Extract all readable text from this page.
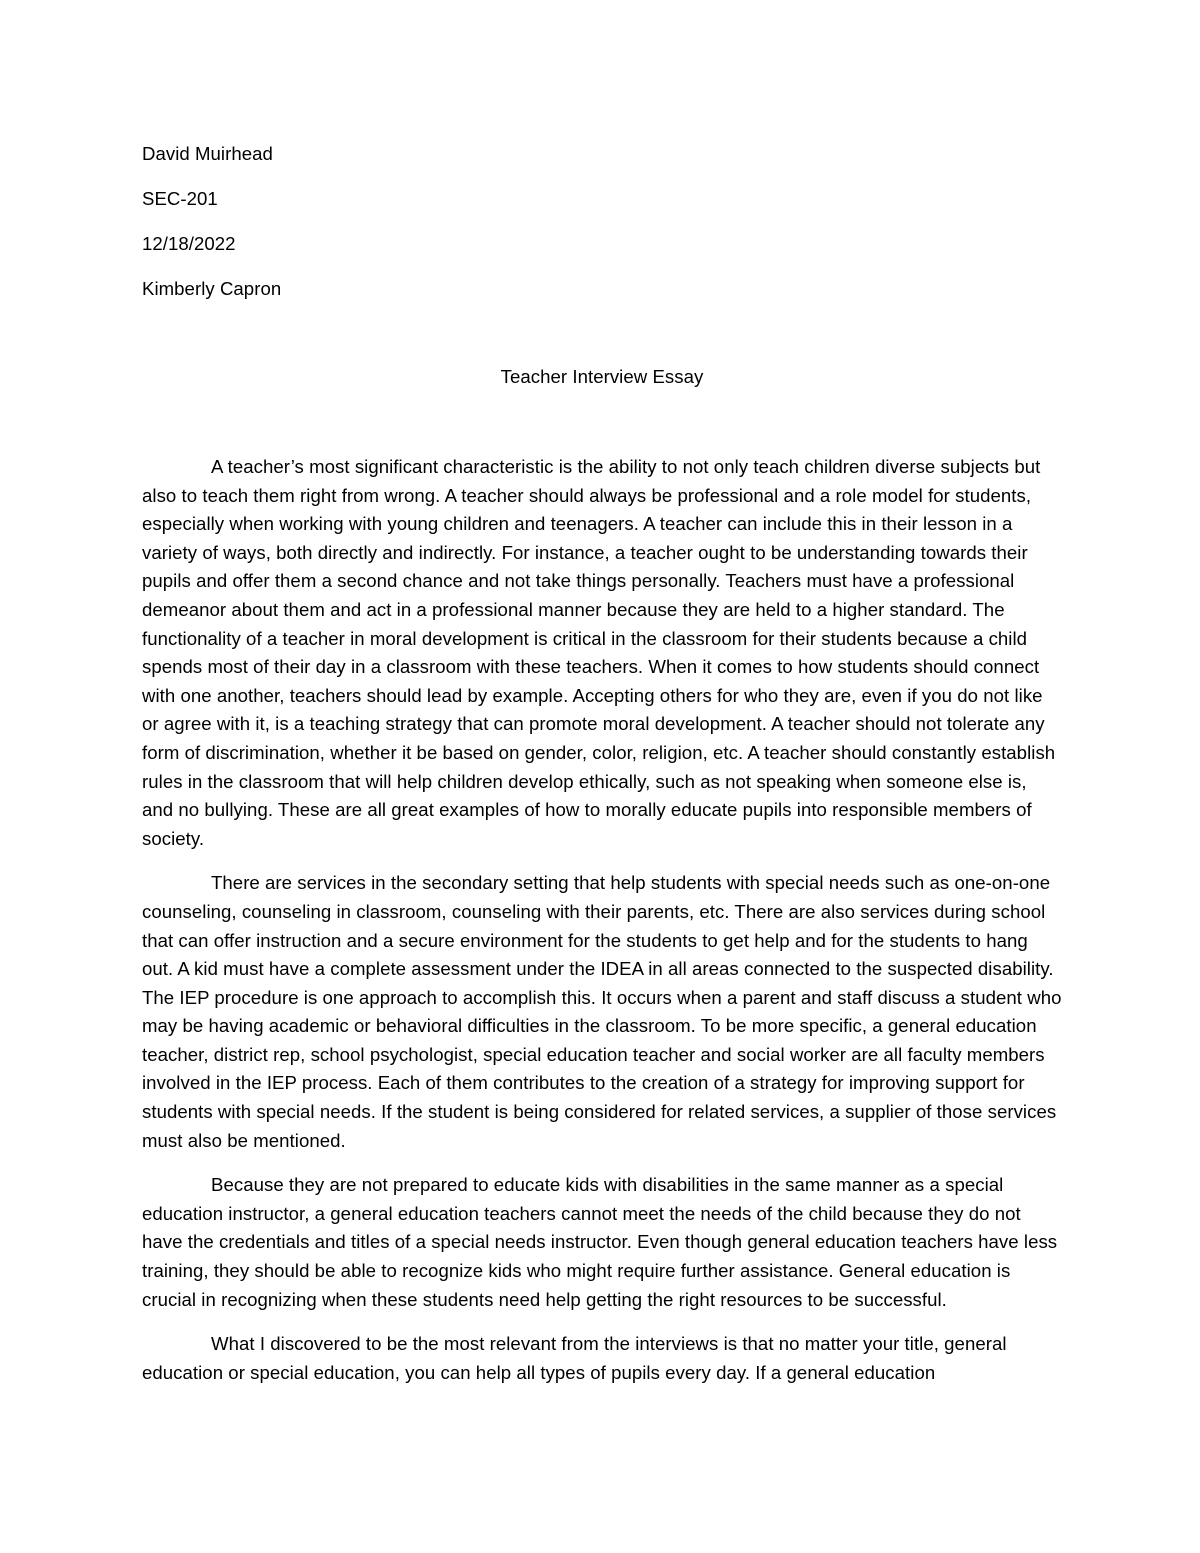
David Muirhead
SEC-201
12/18/2022
Kimberly Capron
Teacher Interview Essay

A teacher’s most significant characteristic is the ability to not only teach children diverse subjects but also to teach them right from wrong. A teacher should always be professional and a role model for students, especially when working with young children and teenagers. A teacher can include this in their lesson in a variety of ways, both directly and indirectly. For instance, a teacher ought to be understanding towards their pupils and offer them a second chance and not take things personally. Teachers must have a professional demeanor about them and act in a professional manner because they are held to a higher standard. The functionality of a teacher in moral development is critical in the classroom for their students because a child spends most of their day in a classroom with these teachers. When it comes to how students should connect with one another, teachers should lead by example. Accepting others for who they are, even if you do not like or agree with it, is a teaching strategy that can promote moral development. A teacher should not tolerate any form of discrimination, whether it be based on gender, color, religion, etc. A teacher should constantly establish rules in the classroom that will help children develop ethically, such as not speaking when someone else is, and no bullying. These are all great examples of how to morally educate pupils into responsible members of society.

There are services in the secondary setting that help students with special needs such as one-on-one counseling, counseling in classroom, counseling with their parents, etc. There are also services during school that can offer instruction and a secure environment for the students to get help and for the students to hang out. A kid must have a complete assessment under the IDEA in all areas connected to the suspected disability. The IEP procedure is one approach to accomplish this. It occurs when a parent and staff discuss a student who may be having academic or behavioral difficulties in the classroom. To be more specific, a general education teacher, district rep, school psychologist, special education teacher and social worker are all faculty members involved in the IEP process. Each of them contributes to the creation of a strategy for improving support for students with special needs. If the student is being considered for related services, a supplier of those services must also be mentioned.

Because they are not prepared to educate kids with disabilities in the same manner as a special education instructor, a general education teachers cannot meet the needs of the child because they do not have the credentials and titles of a special needs instructor. Even though general education teachers have less training, they should be able to recognize kids who might require further assistance. General education is crucial in recognizing when these students need help getting the right resources to be successful.

What I discovered to be the most relevant from the interviews is that no matter your title, general education or special education, you can help all types of pupils every day. If a general education
